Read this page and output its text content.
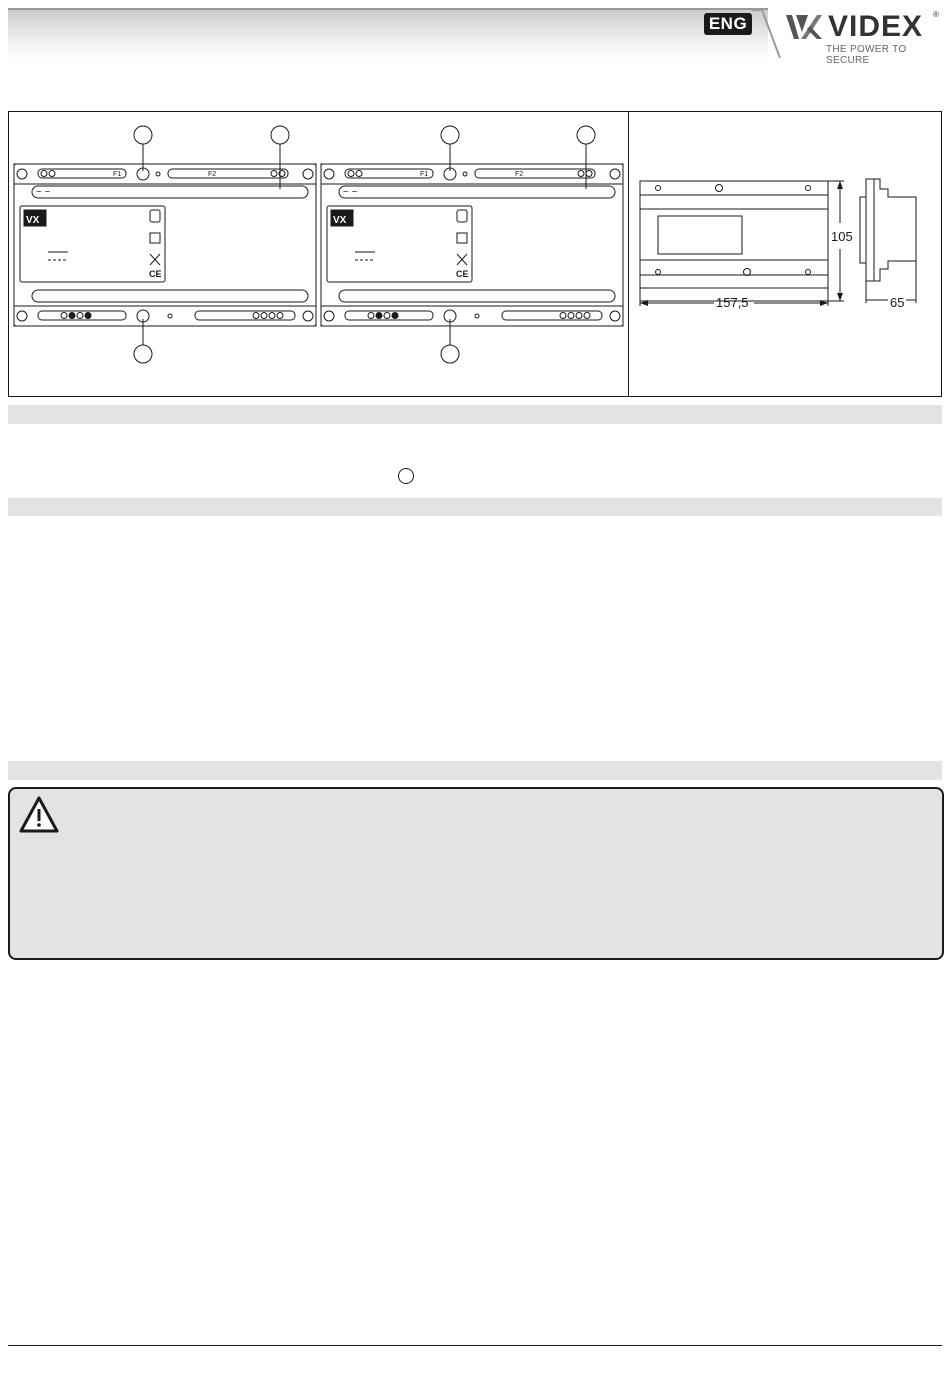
ENG	VIDEX ®
THE POWER TO SECURE
F1	F2
~ ~
VX
CE
F1	F2
~ ~
VX
CE
105
157,5	65
